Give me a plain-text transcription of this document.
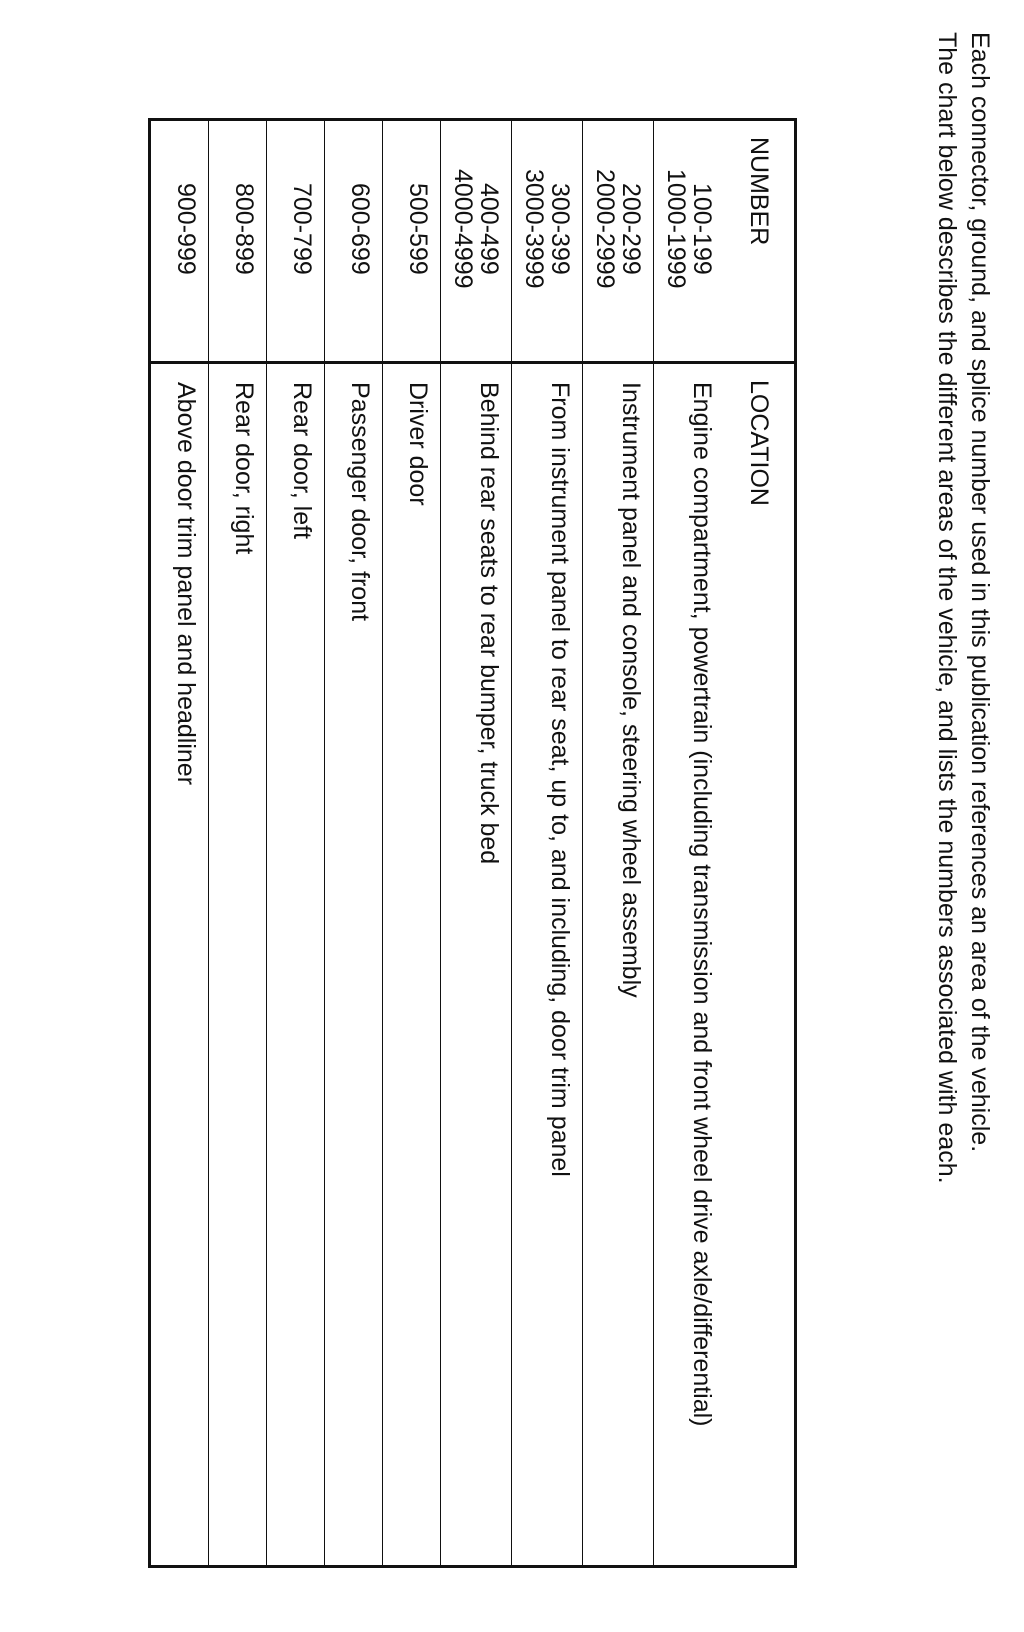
Each connector, ground, and splice number used in this publication references an area of the vehicle.

The chart below describes the different areas of the vehicle, and lists the numbers associated with each.

NUMBER	LOCATION

100-199
1000-1999	Engine compartment, powertrain (including transmission and front wheel drive axle/differential)

200-299
2000-2999	Instrument panel and console, steering wheel assembly

300-399
3000-3999	From instrument panel to rear seat, up to, and including, door trim panel

400-499
4000-4999	Behind rear seats to rear bumper, truck bed

500-599	Driver door

600-699	Passenger door, front

700-799	Rear door, left

800-899	Rear door, right

900-999	Above door trim panel and headliner
